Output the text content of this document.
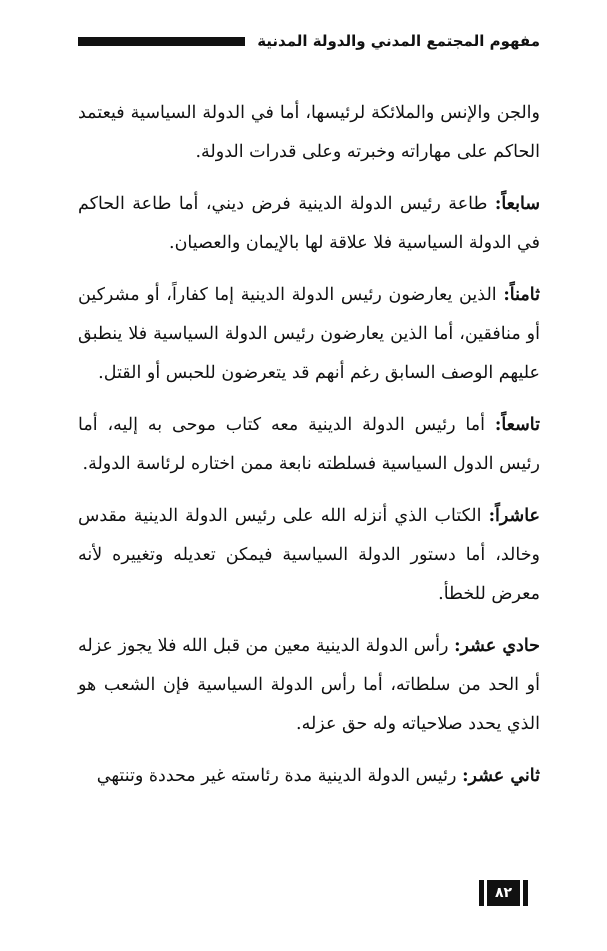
مفهوم المجتمع المدني والدولة المدنية

والجن والإنس والملائكة لرئيسها، أما في الدولة السياسية فيعتمد الحاكم على مهاراته وخبرته وعلى قدرات الدولة.

سابعاً: طاعة رئيس الدولة الدينية فرض ديني، أما طاعة الحاكم في الدولة السياسية فلا علاقة لها بالإيمان والعصيان.

ثامناً: الذين يعارضون رئيس الدولة الدينية إما كفاراً، أو مشركين أو منافقين، أما الذين يعارضون رئيس الدولة السياسية فلا ينطبق عليهم الوصف السابق رغم أنهم قد يتعرضون للحبس أو القتل.

تاسعاً: أما رئيس الدولة الدينية معه كتاب موحى به إليه، أما رئيس الدول السياسية فسلطته نابعة ممن اختاره لرئاسة الدولة.

عاشراً: الكتاب الذي أنزله الله على رئيس الدولة الدينية مقدس وخالد، أما دستور الدولة السياسية فيمكن تعديله وتغييره لأنه معرض للخطأ.

حادي عشر: رأس الدولة الدينية معين من قبل الله فلا يجوز عزله أو الحد من سلطاته، أما رأس الدولة السياسية فإن الشعب هو الذي يحدد صلاحياته وله حق عزله.

ثاني عشر: رئيس الدولة الدينية مدة رئاسته غير محددة وتنتهي

٨٢
